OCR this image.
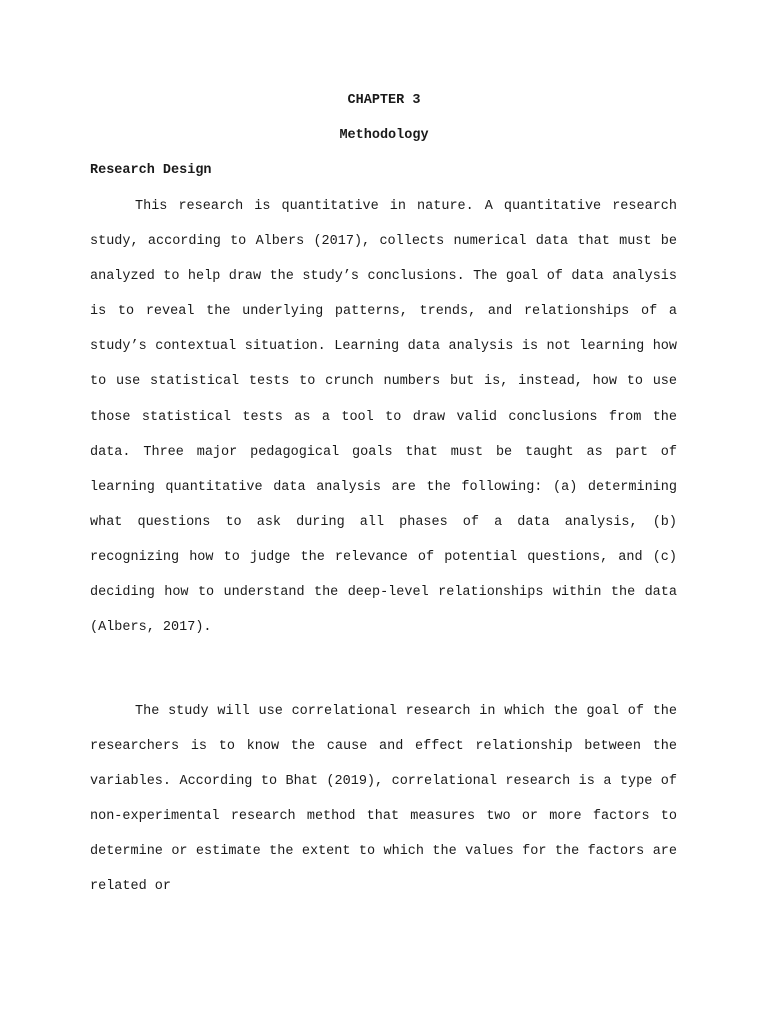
CHAPTER 3
Methodology
Research Design

This research is quantitative in nature. A quantitative research study, according to Albers (2017), collects numerical data that must be analyzed to help draw the study’s conclusions. The goal of data analysis is to reveal the underlying patterns, trends, and relationships of a study’s contextual situation. Learning data analysis is not learning how to use statistical tests to crunch numbers but is, instead, how to use those statistical tests as a tool to draw valid conclusions from the data. Three major pedagogical goals that must be taught as part of learning quantitative data analysis are the following: (a) determining what questions to ask during all phases of a data analysis, (b) recognizing how to judge the relevance of potential questions, and (c) deciding how to understand the deep-level relationships within the data (Albers, 2017).

The study will use correlational research in which the goal of the researchers is to know the cause and effect relationship between the variables. According to Bhat (2019), correlational research is a type of non-experimental research method that measures two or more factors to determine or estimate the extent to which the values for the factors are related or
